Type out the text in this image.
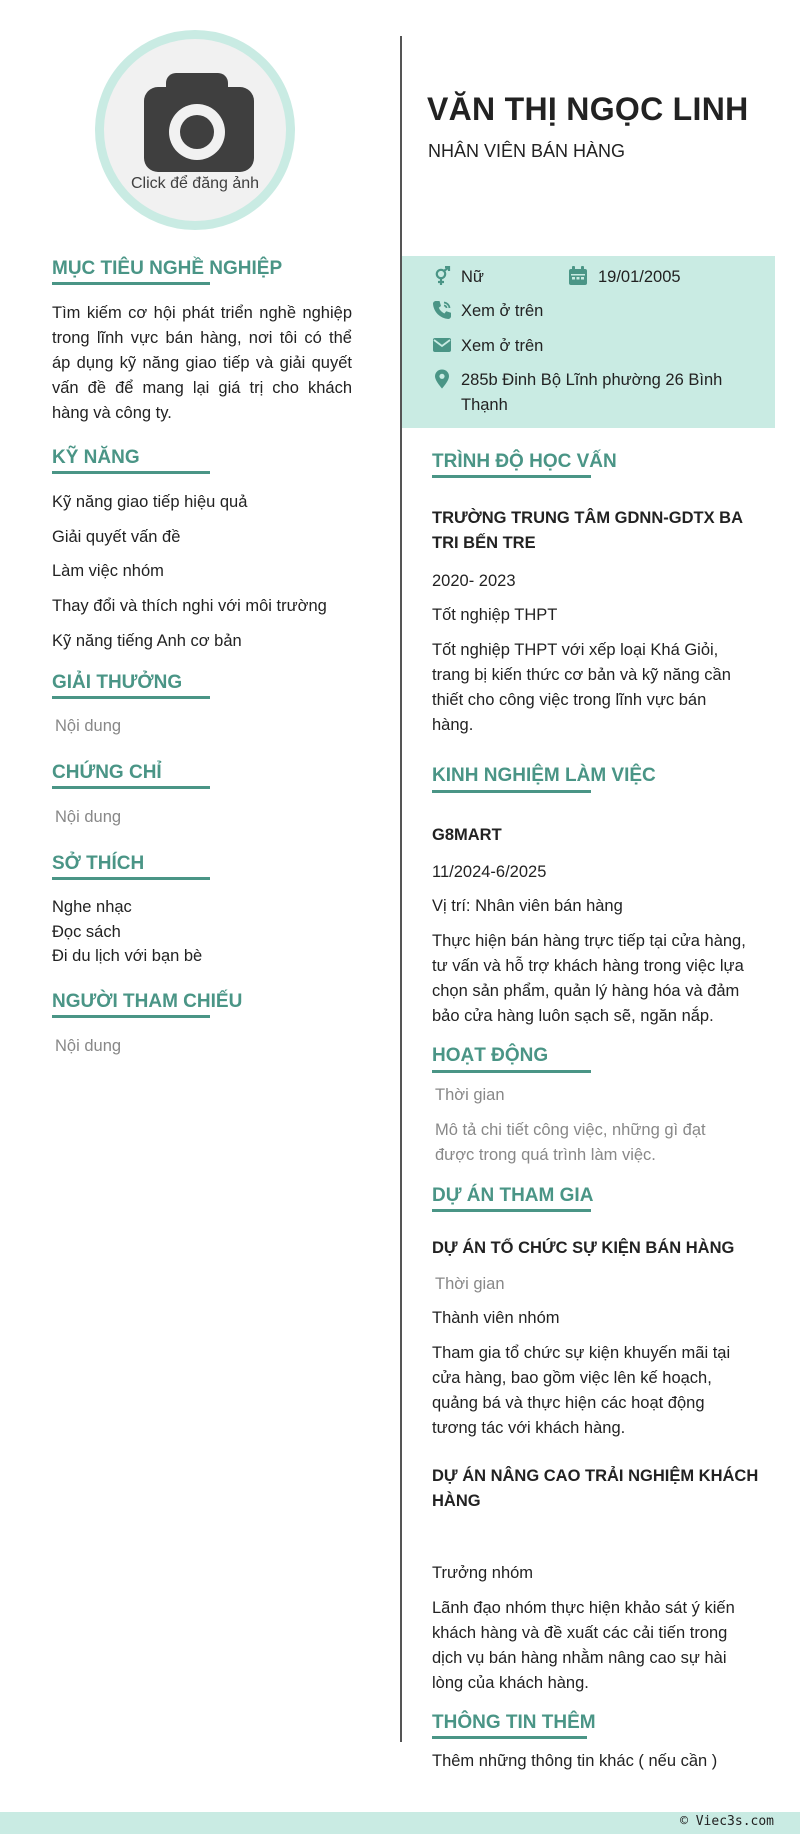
Click để đăng ảnh
MỤC TIÊU NGHỀ NGHIỆP
Tìm kiếm cơ hội phát triển nghề nghiệp
trong lĩnh vực bán hàng, nơi tôi có thể
áp dụng kỹ năng giao tiếp và giải quyết
vấn đề để mang lại giá trị cho khách
hàng và công ty.
KỸ NĂNG
Kỹ năng giao tiếp hiệu quả
Giải quyết vấn đề
Làm việc nhóm
Thay đổi và thích nghi với môi trường
Kỹ năng tiếng Anh cơ bản
GIẢI THƯỞNG
Nội dung
CHỨNG CHỈ
Nội dung
SỞ THÍCH
Nghe nhạc
Đọc sách
Đi du lịch với bạn bè
NGƯỜI THAM CHIẾU
Nội dung
VĂN THỊ NGỌC LINH
NHÂN VIÊN BÁN HÀNG
Nữ	19/01/2005
Xem ở trên
Xem ở trên
285b Đinh Bộ Lĩnh phường 26 Bình
Thạnh
TRÌNH ĐỘ HỌC VẤN
TRƯỜNG TRUNG TÂM GDNN-GDTX BA
TRI BẾN TRE
2020- 2023
Tốt nghiệp THPT
Tốt nghiệp THPT với xếp loại Khá Giỏi,
trang bị kiến thức cơ bản và kỹ năng cần
thiết cho công việc trong lĩnh vực bán
hàng.
KINH NGHIỆM LÀM VIỆC
G8MART
11/2024-6/2025
Vị trí: Nhân viên bán hàng
Thực hiện bán hàng trực tiếp tại cửa hàng,
tư vấn và hỗ trợ khách hàng trong việc lựa
chọn sản phẩm, quản lý hàng hóa và đảm
bảo cửa hàng luôn sạch sẽ, ngăn nắp.
HOẠT ĐỘNG
Thời gian
Mô tả chi tiết công việc, những gì đạt
được trong quá trình làm việc.
DỰ ÁN THAM GIA
DỰ ÁN TỔ CHỨC SỰ KIỆN BÁN HÀNG
Thời gian
Thành viên nhóm
Tham gia tổ chức sự kiện khuyến mãi tại
cửa hàng, bao gồm việc lên kế hoạch,
quảng bá và thực hiện các hoạt động
tương tác với khách hàng.
DỰ ÁN NÂNG CAO TRẢI NGHIỆM KHÁCH
HÀNG
Trưởng nhóm
Lãnh đạo nhóm thực hiện khảo sát ý kiến
khách hàng và đề xuất các cải tiến trong
dịch vụ bán hàng nhằm nâng cao sự hài
lòng của khách hàng.
THÔNG TIN THÊM
Thêm những thông tin khác ( nếu cần )
© Viec3s.com
